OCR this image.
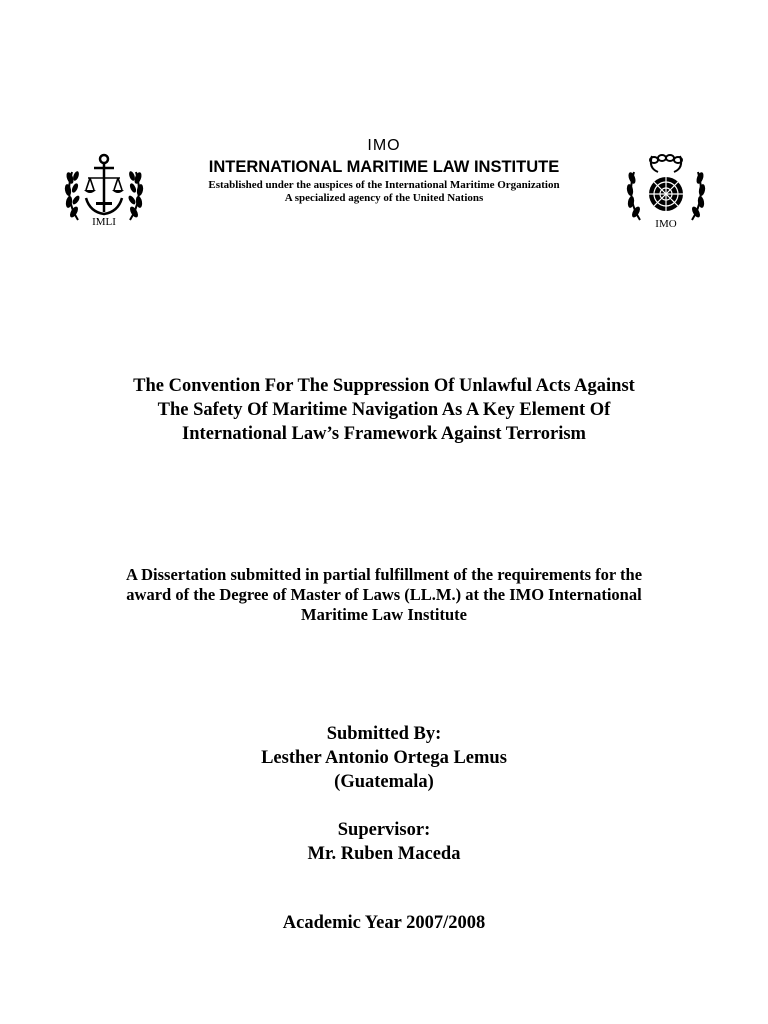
IMO
INTERNATIONAL MARITIME LAW INSTITUTE
Established under the auspices of the International Maritime Organization
A specialized agency of the United Nations
IMLI	IMO
The Convention For The Suppression Of Unlawful Acts Against
The Safety Of Maritime Navigation As A Key Element Of
International Law’s Framework Against Terrorism
A Dissertation submitted in partial fulfillment of the requirements for the
award of the Degree of Master of Laws (LL.M.) at the IMO International
Maritime Law Institute
Submitted By:
Lesther Antonio Ortega Lemus
(Guatemala)
Supervisor:
Mr. Ruben Maceda
Academic Year 2007/2008
